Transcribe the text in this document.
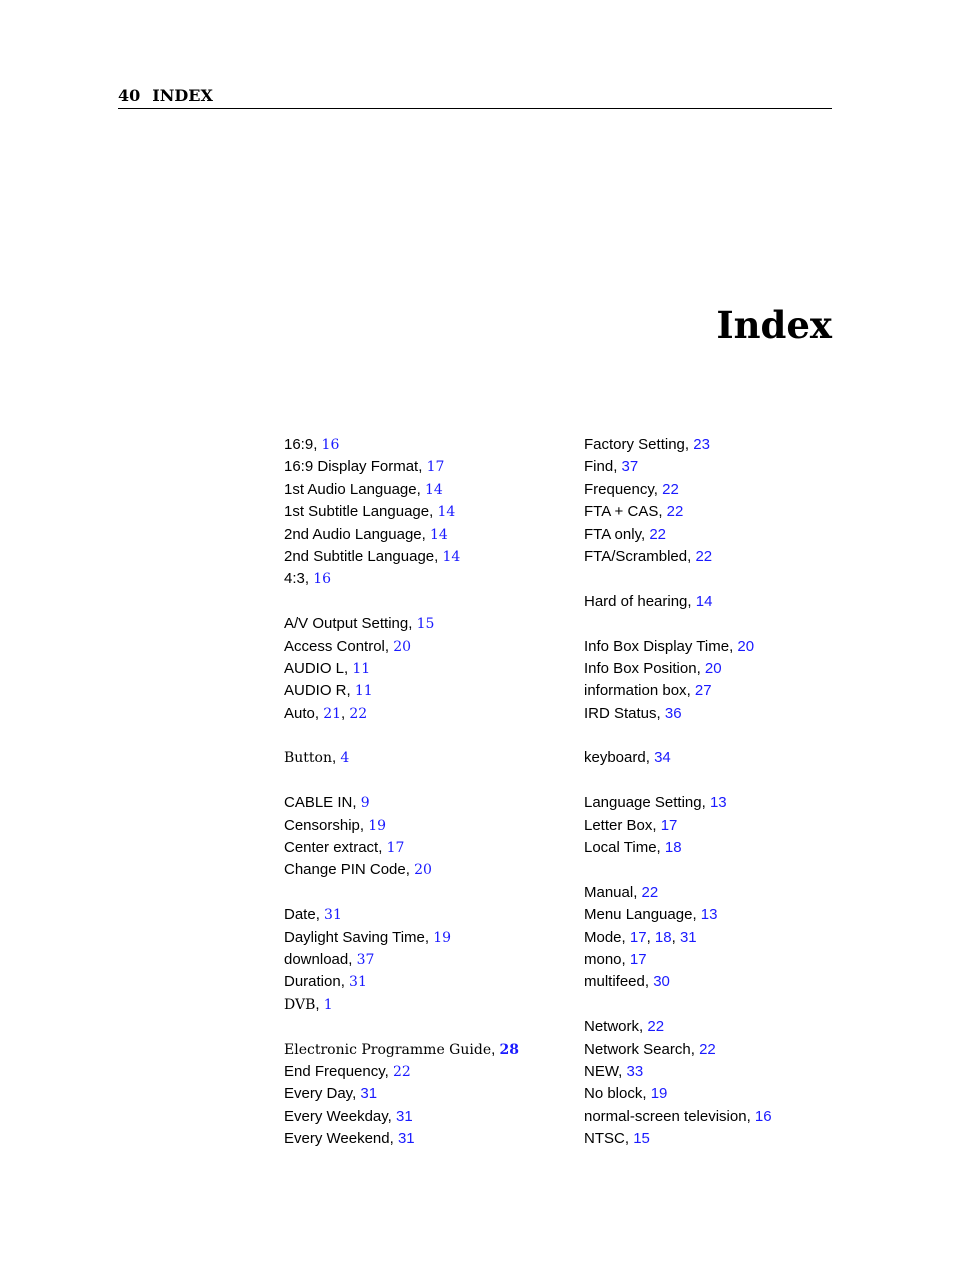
40 INDEX
Index
16:9, 16
16:9 Display Format, 17
1st Audio Language, 14
1st Subtitle Language, 14
2nd Audio Language, 14
2nd Subtitle Language, 14
4:3, 16
A/V Output Setting, 15
Access Control, 20
AUDIO L, 11
AUDIO R, 11
Auto, 21, 22
Button, 4
CABLE IN, 9
Censorship, 19
Center extract, 17
Change PIN Code, 20
Date, 31
Daylight Saving Time, 19
download, 37
Duration, 31
DVB, 1
Electronic Programme Guide, 28
End Frequency, 22
Every Day, 31
Every Weekday, 31
Every Weekend, 31
Factory Setting, 23
Find, 37
Frequency, 22
FTA + CAS, 22
FTA only, 22
FTA/Scrambled, 22
Hard of hearing, 14
Info Box Display Time, 20
Info Box Position, 20
information box, 27
IRD Status, 36
keyboard, 34
Language Setting, 13
Letter Box, 17
Local Time, 18
Manual, 22
Menu Language, 13
Mode, 17, 18, 31
mono, 17
multifeed, 30
Network, 22
Network Search, 22
NEW, 33
No block, 19
normal-screen television, 16
NTSC, 15
